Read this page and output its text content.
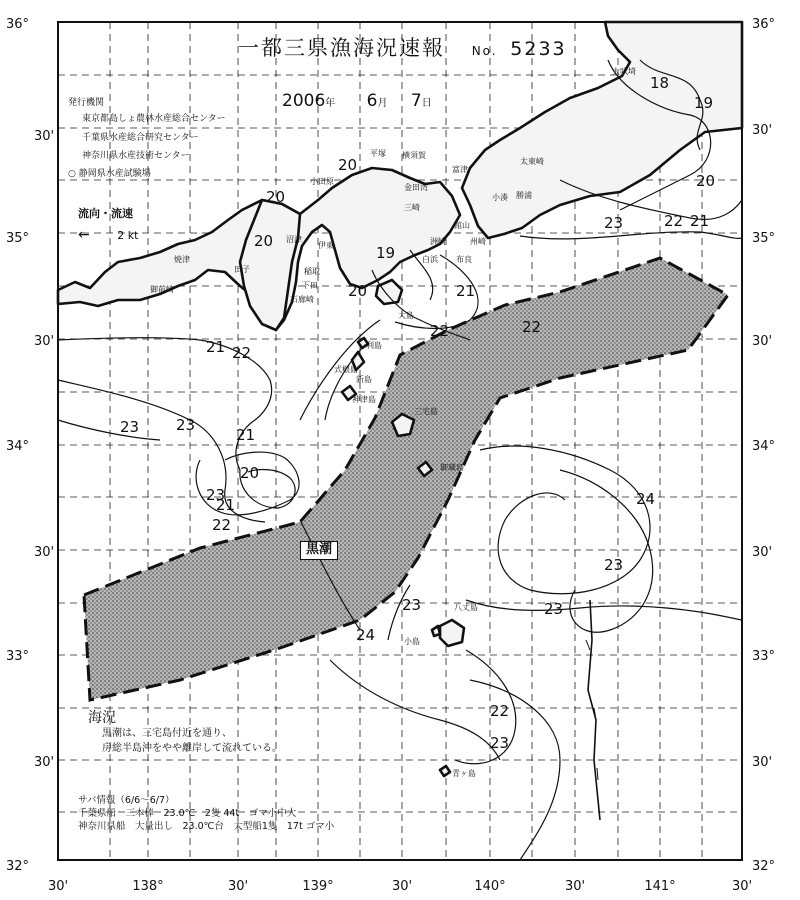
36°
30'
35°
30'
34°
30'
33°
30'
32°
36°
30'
35°
30'
34°
30'
33°
30'
32°
30'	138°	30'	139°	30'	140°	30'	141°	30'
18
19
20
20
20
20
19
20
21
22
21 22
23	22 21
21
22
23 23
20
21
23
22
23
24
24
23
23
22
23
大吠埼
太東崎
勝浦
小湊
平塚
小田原
横須賀
三崎
金田湾
富津
館山
州崎
洲崎
白浜 布良
伊東
稲取
下田
石廊崎
沼津
田子
焼津
御前崎
大島
利島
新島
式根島
神津島
三宅島
御蔵島
八丈島
小島
青ヶ島
一都三県漁海況速報 No. 5233
2006年 6月 7日
発行機関
東京都島しょ農林水産総合センター
千葉県水産総合研究センター
神奈川県水産技術センター
○ 静岡県水産試験場
流向・流速
←	2 kt
黒潮
海況
黒潮は、三宅島付近を通り、
房総半島沖をやや離岸して流れている。
サバ情報（6/6～6/7）
千葉県船　三本棒　23.0℃　2隻 44t　ゴマ小中大
神奈川県船　大量出し　23.0℃台　大型船1隻　17t ゴマ小
